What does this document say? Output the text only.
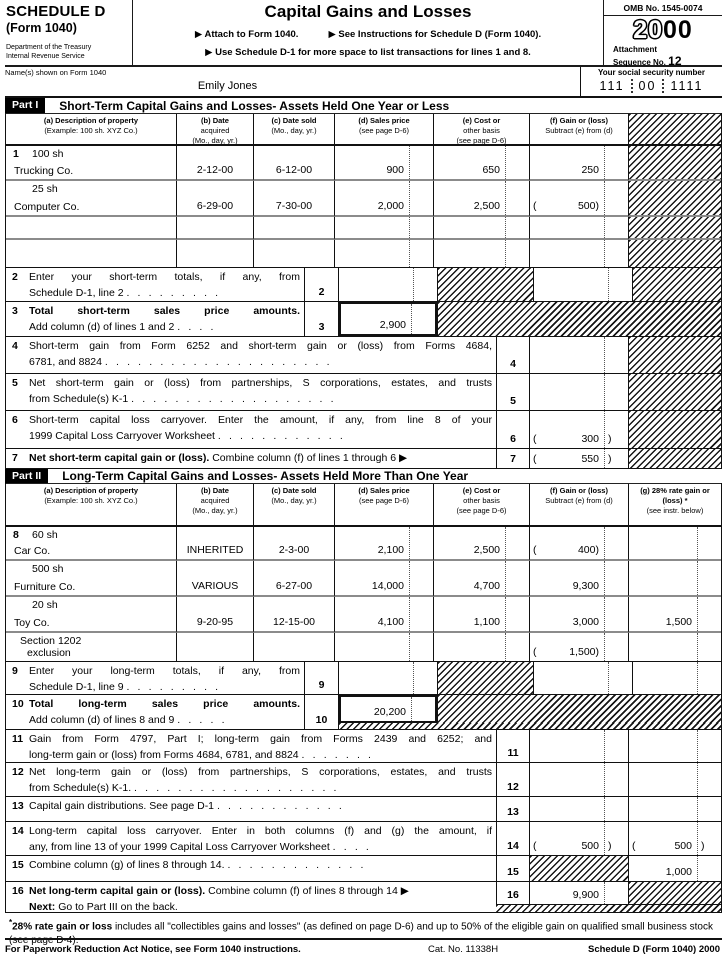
SCHEDULE D
(Form 1040)
Department of the Treasury
Internal Revenue Service
Capital Gains and Losses
▶ Attach to Form 1040.	▶ See Instructions for Schedule D (Form 1040).
▶ Use Schedule D-1 for more space to list transactions for lines 1 and 8.
OMB No. 1545-0074
2000
Attachment
Sequence No. 12
Name(s) shown on Form 1040
Emily Jones
Your social security number
111	00	1111
Part I	Short-Term Capital Gains and Losses- Assets Held One Year or Less
(a) Description of property
(Example: 100 sh. XYZ Co.)
(b) Date
acquired
(Mo., day, yr.)
(c) Date sold
(Mo., day, yr.)
(d) Sales price
(see page D-6)
(e) Cost or
other basis
(see page D-6)
(f) Gain or (loss)
Subtract (e) from (d)
1 100 sh
Trucking Co.	2-12-00	6-12-00	900	650	250
25 sh
Computer Co.	6-29-00	7-30-00	2,000	2,500	(	500 )
2	Enter your short-term totals, if any, from
Schedule D-1, line 2 .  .  .  .  .  .  .  .  .	2
3	Total short-term sales price amounts.
Add column (d) of lines 1 and 2 .  .  .  .	3	2,900
4	Short-term gain from Form 6252 and short-term gain or (loss) from Forms 4684,
6781, and 8824 .  .  .  .  .  .  .  .  .  .  .  .  .  .  .  .  .  .  .  .  .	4
5	Net short-term gain or (loss) from partnerships, S corporations, estates, and trusts
from Schedule(s) K-1 .  .  .  .  .  .  .  .  .  .  .  .  .  .  .  .  .  .  .	5
6	Short-term capital loss carryover. Enter the amount, if any, from line 8 of your
1999 Capital Loss Carryover Worksheet .  .  .  .  .  .  .  .  .  .  .  .	6	(	300 )
7	Net short-term capital gain or (loss). Combine column (f) of lines 1 through 6 ▶	7	(	550 )
Part II	Long-Term Capital Gains and Losses- Assets Held More Than One Year
(a) Description of property
(Example: 100 sh. XYZ Co.)
(b) Date
acquired
(Mo., day, yr.)
(c) Date sold
(Mo., day, yr.)
(d) Sales price
(see page D-6)
(e) Cost or
other basis
(see page D-6)
(f) Gain or (loss)
Subtract (e) from (d)
(g) 28% rate gain or
(loss) *
(see instr. below)
8 60 sh
Car Co.	INHERITED	2-3-00	2,100	2,500	(	400 )
500 sh
Furniture Co.	VARIOUS	6-27-00	14,000	4,700	9,300
20 sh
Toy Co.	9-20-95	12-15-00	4,100	1,100	3,000	1,500
Section 1202
exclusion	(	1,500 )
9	Enter your long-term totals, if any, from
Schedule D-1, line 9 .  .  .  .  .  .  .  .  .	9
10 Total long-term sales price amounts.
Add column (d) of lines 8 and 9 .  .  .  .  .	10
20,200
11 Gain from Form 4797, Part I; long-term gain from Forms 2439 and 6252; and
long-term gain or (loss) from Forms 4684, 6781, and 8824 .  .  .  .  .  .  .	11
12 Net long-term gain or (loss) from partnerships, S corporations, estates, and trusts
from Schedule(s) K-1. .  .  .  .  .  .  .  .  .  .  .  .  .  .  .  .  .  .  .	12
13 Capital gain distributions. See page D-1 .  .  .  .  .  .  .  .  .  .  .  .	13
14 Long-term capital loss carryover. Enter in both columns (f) and (g) the amount, if
any, from line 13 of your 1999 Capital Loss Carryover Worksheet .  .  .  .	14	(	500 )	(	500 )
15 Combine column (g) of lines 8 through 14. .  .  .  .  .  .  .  .  .  .  .  .  .
15	1,000
16 Net long-term capital gain or (loss). Combine column (f) of lines 8 through 14 ▶
Next: Go to Part III on the back.
16	9,900
*28% rate gain or loss includes all "collectibles gains and losses" (as defined on page D-6) and up to 50% of the eligible gain on qualified small business stock (see page D-4).
For Paperwork Reduction Act Notice, see Form 1040 instructions.	Cat. No. 11338H	Schedule D (Form 1040) 2000
